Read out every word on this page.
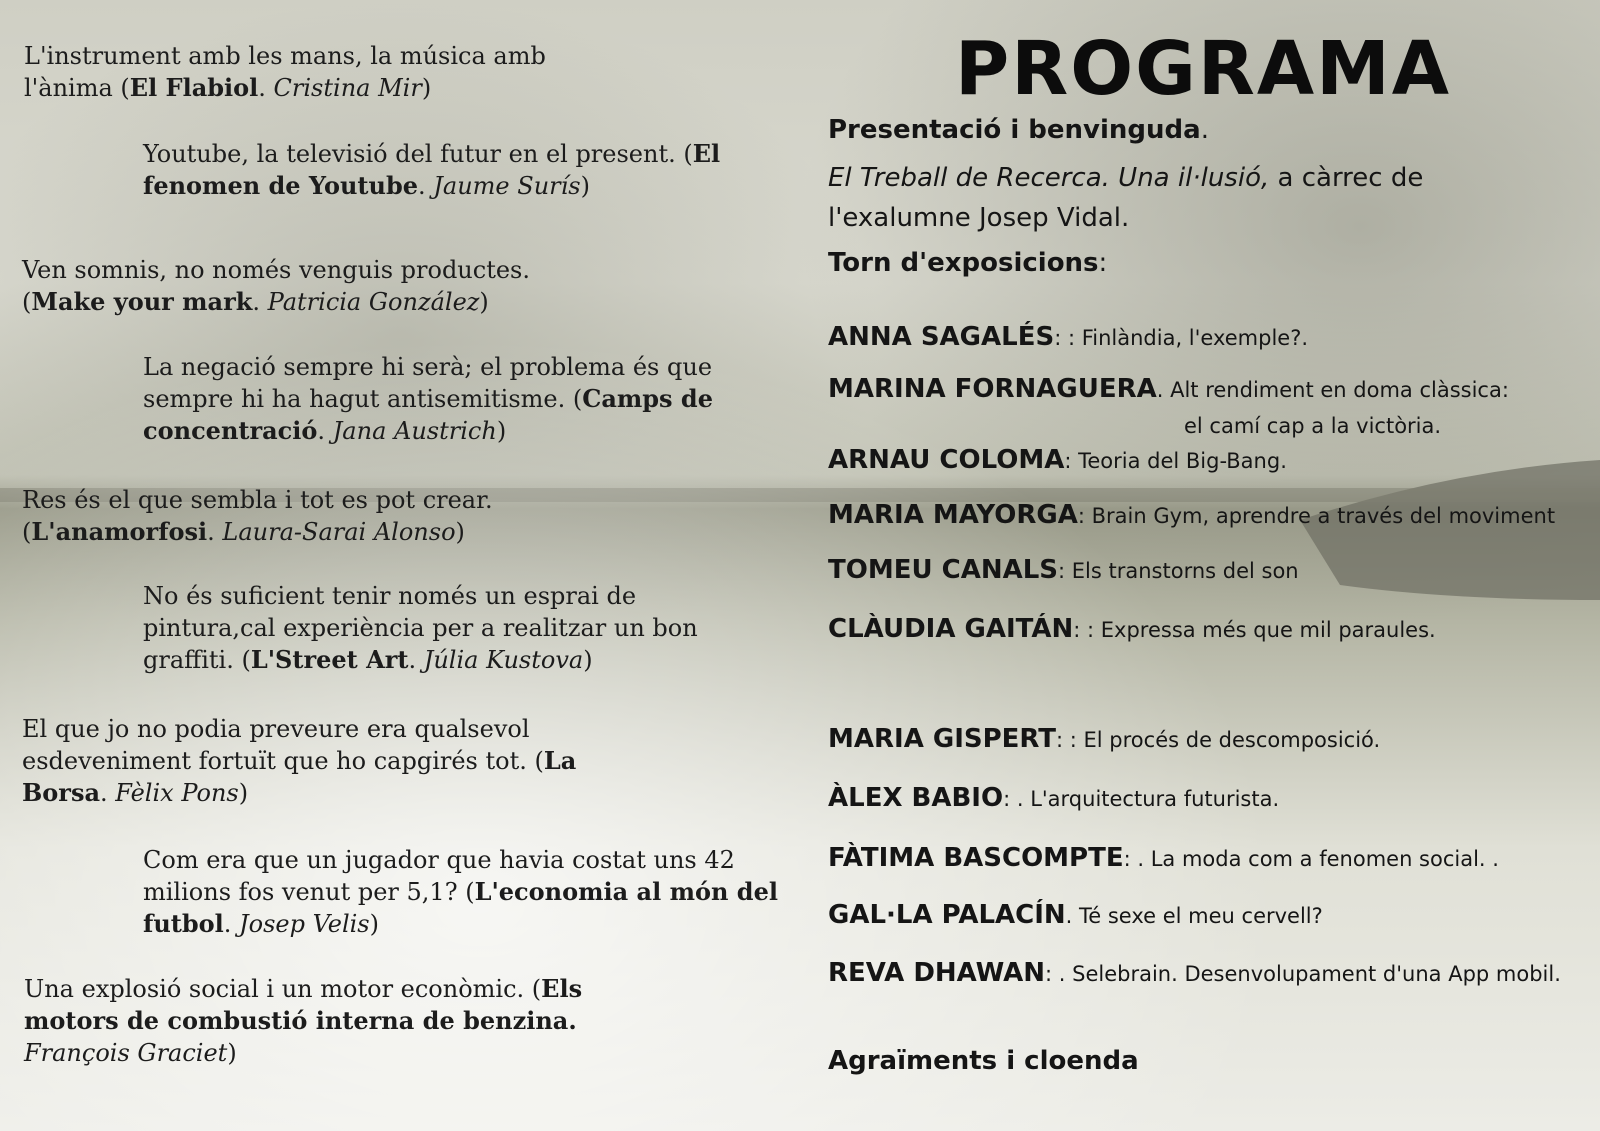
L'instrument amb les mans, la música amb l'ànima (El Flabiol. Cristina Mir)

Youtube, la televisió del futur en el present. (El fenomen de Youtube. Jaume Surís)

Ven somnis, no només venguis productes. (Make your mark. Patricia González)

La negació sempre hi serà; el problema és que sempre hi ha hagut antisemitisme. (Camps de concentració. Jana Austrich)

Res és el que sembla i tot es pot crear. (L'anamorfosi. Laura-Sarai Alonso)

No és suficient tenir només un esprai de pintura,cal experiència per a realitzar un bon graffiti. (L'Street Art. Júlia Kustova)

El que jo no podia preveure era qualsevol esdeveniment fortuït que ho capgirés tot. (La Borsa. Fèlix Pons)

Com era que un jugador que havia costat uns 42 milions fos venut per 5,1? (L'economia al món del futbol. Josep Velis)

Una explosió social i un motor econòmic. (Els motors de combustió interna de benzina. François Graciet)

PROGRAMA
Presentació i benvinguda.
El Treball de Recerca. Una il·lusió, a càrrec de
l'exalumne Josep Vidal.
Torn d'exposicions:
ANNA SAGALÉS: : Finlàndia, l'exemple?.
MARINA FORNAGUERA. Alt rendiment en doma clàssica:
el camí cap a la victòria.
ARNAU COLOMA: Teoria del Big-Bang.
MARIA MAYORGA: Brain Gym, aprendre a través del moviment
TOMEU CANALS: Els transtorns del son
CLÀUDIA GAITÁN: : Expressa més que mil paraules.
MARIA GISPERT: : El procés de descomposició.
ÀLEX BABIO: . L'arquitectura futurista.
FÀTIMA BASCOMPTE: . La moda com a fenomen social. .
GAL·LA PALACÍN. Té sexe el meu cervell?
REVA DHAWAN: . Selebrain. Desenvolupament d'una App mobil.
Agraïments i cloenda
